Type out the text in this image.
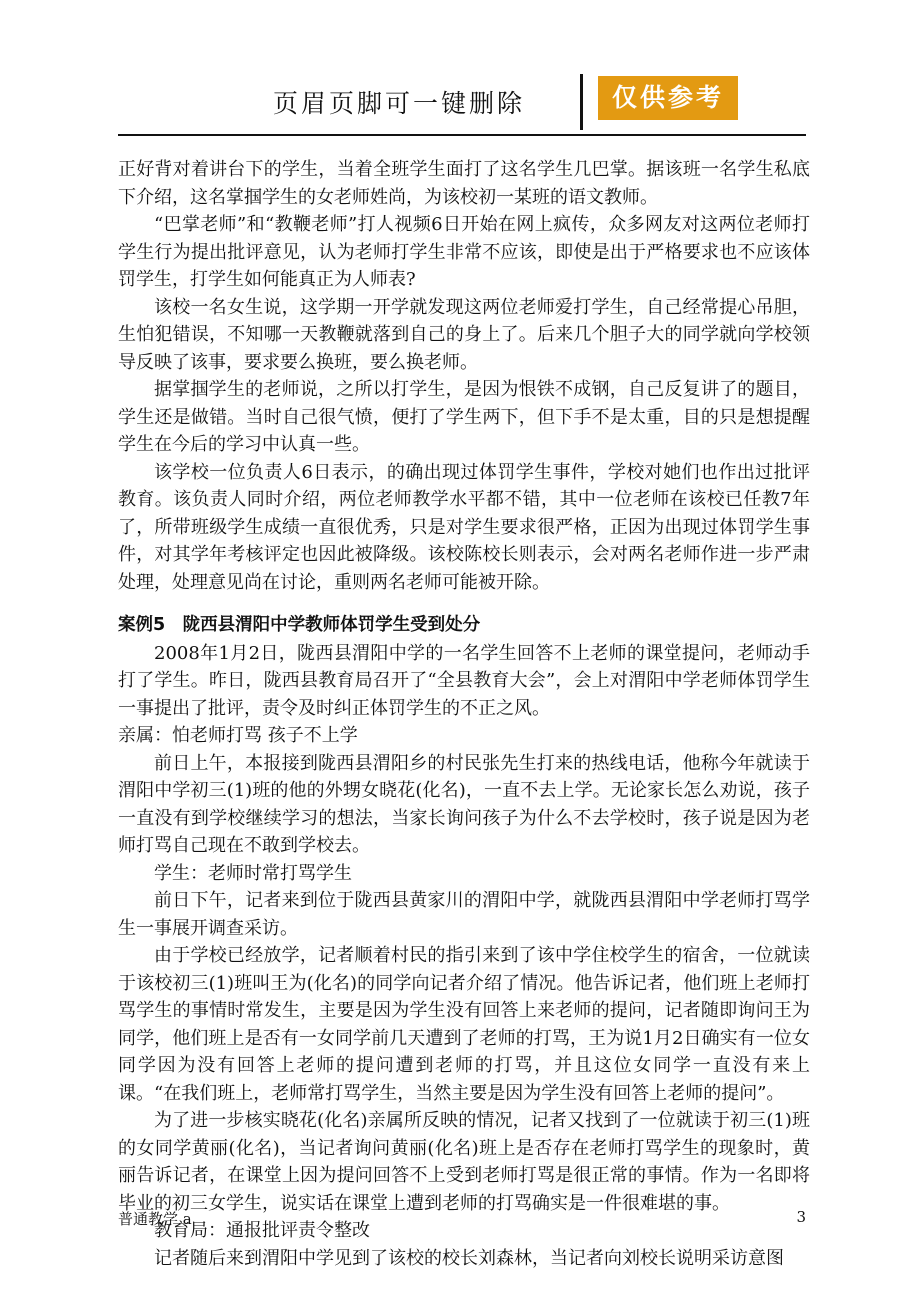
页眉页脚可一键删除	仅供参考

正好背对着讲台下的学生，当着全班学生面打了这名学生几巴掌。据该班一名学生私底下介绍，这名掌掴学生的女老师姓尚，为该校初一某班的语文教师。

“巴掌老师”和“教鞭老师”打人视频6日开始在网上疯传，众多网友对这两位老师打学生行为提出批评意见，认为老师打学生非常不应该，即使是出于严格要求也不应该体罚学生，打学生如何能真正为人师表?

该校一名女生说，这学期一开学就发现这两位老师爱打学生，自己经常提心吊胆，生怕犯错误，不知哪一天教鞭就落到自己的身上了。后来几个胆子大的同学就向学校领导反映了该事，要求要么换班，要么换老师。

据掌掴学生的老师说，之所以打学生，是因为恨铁不成钢，自己反复讲了的题目，学生还是做错。当时自己很气愤，便打了学生两下，但下手不是太重，目的只是想提醒学生在今后的学习中认真一些。

该学校一位负责人6日表示，的确出现过体罚学生事件，学校对她们也作出过批评教育。该负责人同时介绍，两位老师教学水平都不错，其中一位老师在该校已任教7年了，所带班级学生成绩一直很优秀，只是对学生要求很严格，正因为出现过体罚学生事件，对其学年考核评定也因此被降级。该校陈校长则表示，会对两名老师作进一步严肃处理，处理意见尚在讨论，重则两名老师可能被开除。

案例5　陇西县渭阳中学教师体罚学生受到处分

2008年1月2日，陇西县渭阳中学的一名学生回答不上老师的课堂提问，老师动手打了学生。昨日，陇西县教育局召开了“全县教育大会”，会上对渭阳中学老师体罚学生一事提出了批评，责令及时纠正体罚学生的不正之风。

亲属：怕老师打骂 孩子不上学

前日上午，本报接到陇西县渭阳乡的村民张先生打来的热线电话，他称今年就读于渭阳中学初三(1)班的他的外甥女晓花(化名)，一直不去上学。无论家长怎么劝说，孩子一直没有到学校继续学习的想法，当家长询问孩子为什么不去学校时，孩子说是因为老师打骂自己现在不敢到学校去。

学生：老师时常打骂学生

前日下午，记者来到位于陇西县黄家川的渭阳中学，就陇西县渭阳中学老师打骂学生一事展开调查采访。

由于学校已经放学，记者顺着村民的指引来到了该中学住校学生的宿舍，一位就读于该校初三(1)班叫王为(化名)的同学向记者介绍了情况。他告诉记者，他们班上老师打骂学生的事情时常发生，主要是因为学生没有回答上来老师的提问，记者随即询问王为同学，他们班上是否有一女同学前几天遭到了老师的打骂，王为说1月2日确实有一位女同学因为没有回答上老师的提问遭到老师的打骂，并且这位女同学一直没有来上课。“在我们班上，老师常打骂学生，当然主要是因为学生没有回答上老师的提问”。

为了进一步核实晓花(化名)亲属所反映的情况，记者又找到了一位就读于初三(1)班的女同学黄丽(化名)，当记者询问黄丽(化名)班上是否存在老师打骂学生的现象时，黄丽告诉记者，在课堂上因为提问回答不上受到老师打骂是很正常的事情。作为一名即将毕业的初三女学生，说实话在课堂上遭到老师的打骂确实是一件很难堪的事。

教育局：通报批评责令整改

记者随后来到渭阳中学见到了该校的校长刘森林，当记者向刘校长说明采访意图

普通教学 a	3
